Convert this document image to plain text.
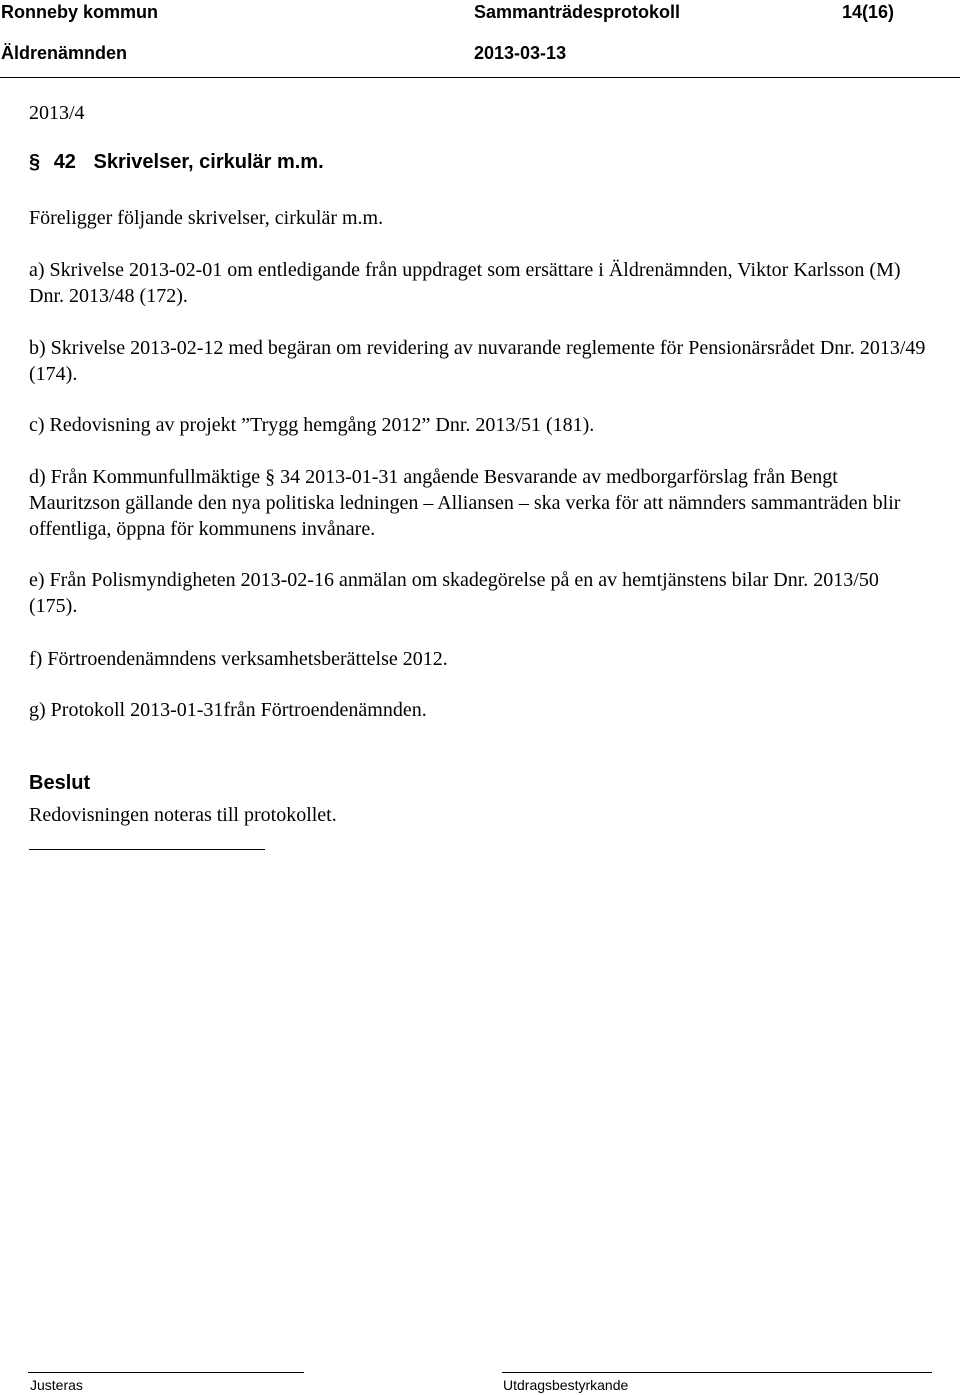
Ronneby kommun	Sammanträdesprotokoll	14(16)
Äldrenämnden	2013-03-13
2013/4
§ 42 Skrivelser, cirkulär m.m.
Föreligger följande skrivelser, cirkulär m.m.
a) Skrivelse 2013-02-01 om entledigande från uppdraget som ersättare i Äldrenämnden, Viktor Karlsson (M) Dnr. 2013/48 (172).
b) Skrivelse 2013-02-12 med begäran om revidering av nuvarande reglemente för Pensionärsrådet Dnr. 2013/49 (174).
c) Redovisning av projekt ”Trygg hemgång 2012” Dnr. 2013/51 (181).
d) Från Kommunfullmäktige § 34 2013-01-31 angående Besvarande av medborgarförslag från Bengt Mauritzson gällande den nya politiska ledningen – Alliansen – ska verka för att nämnders sammanträden blir offentliga, öppna för kommunens invånare.
e) Från Polismyndigheten 2013-02-16 anmälan om skadegörelse på en av hemtjänstens bilar Dnr. 2013/50 (175).
f) Förtroendenämndens verksamhetsberättelse 2012.
g) Protokoll 2013-01-31från Förtroendenämnden.
Beslut
Redovisningen noteras till protokollet.
Justeras	Utdragsbestyrkande
